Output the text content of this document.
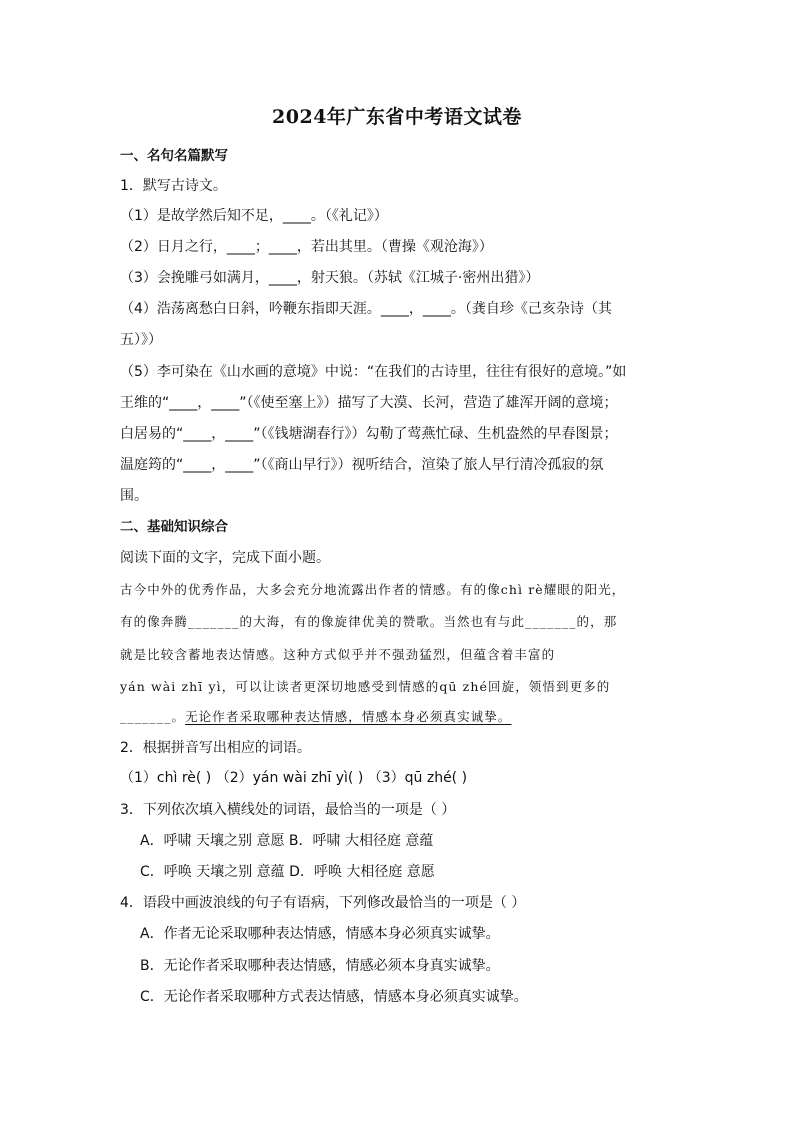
2024年广东省中考语文试卷
一、名句名篇默写
1．默写古诗文。
（1）是故学然后知不足，____。（《礼记》）
（2）日月之行，____；____，若出其里。（曹操《观沧海》）
（3）会挽雕弓如满月，____，射天狼。（苏轼《江城子·密州出猎》）
（4）浩荡离愁白日斜，吟鞭东指即天涯。____，____。（龚自珍《己亥杂诗（其
五）》）
（5）李可染在《山水画的意境》中说：“在我们的古诗里，往往有很好的意境。”如
王维的“____，____”（《使至塞上》）描写了大漠、长河，营造了雄浑开阔的意境；
白居易的“____，____”（《钱塘湖春行》）勾勒了莺燕忙碌、生机盎然的早春图景；
温庭筠的“____，____”（《商山早行》）视听结合，渲染了旅人早行清冷孤寂的氛
围。
二、基础知识综合
阅读下面的文字，完成下面小题。
古今中外的优秀作品，大多会充分地流露出作者的情感。有的像chì rè耀眼的阳光，
有的像奔腾_______的大海，有的像旋律优美的赞歌。当然也有与此_______的，那
就是比较含蓄地表达情感。这种方式似乎并不强劲猛烈，但蕴含着丰富的
yán wài zhī yì，可以让读者更深切地感受到情感的qū zhé回旋，领悟到更多的
_______。无论作者采取哪种表达情感，情感本身必须真实诚挚。
2．根据拼音写出相应的词语。
（1）chì rè( ) （2）yán wài zhī yì( ) （3）qū zhé( )
3．下列依次填入横线处的词语，最恰当的一项是（ ）
A．呼啸 天壤之别 意愿 B．呼啸 大相径庭 意蕴
C．呼唤 天壤之别 意蕴 D．呼唤 大相径庭 意愿
4．语段中画波浪线的句子有语病，下列修改最恰当的一项是（ ）
A．作者无论采取哪种表达情感，情感本身必须真实诚挚。
B．无论作者采取哪种表达情感，情感必须本身真实诚挚。
C．无论作者采取哪种方式表达情感，情感本身必须真实诚挚。
